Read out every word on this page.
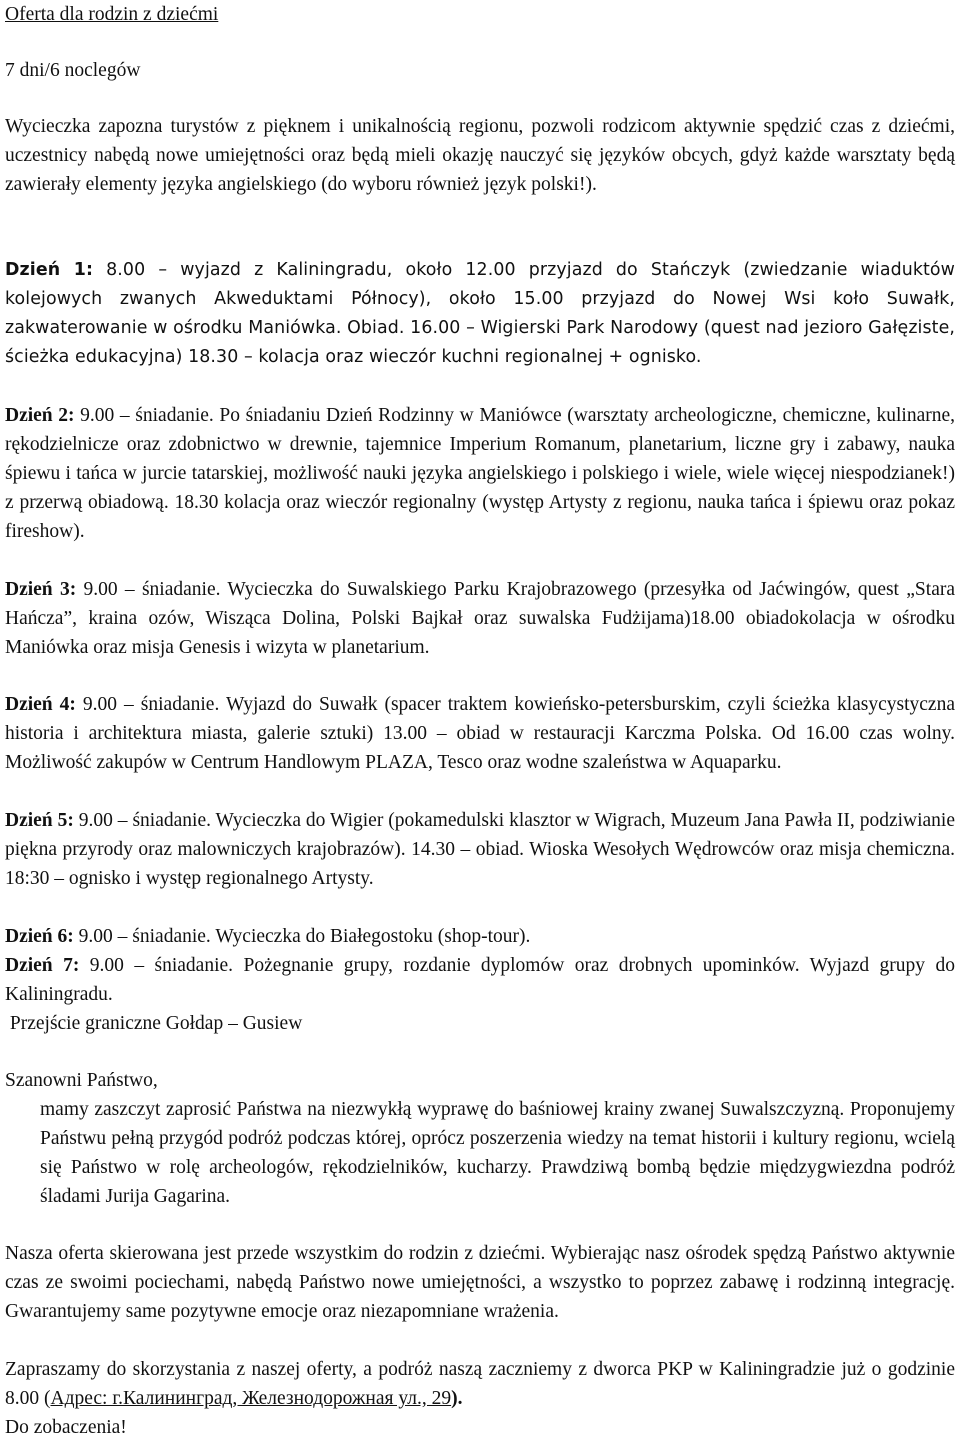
Oferta dla rodzin z dziećmi

7 dni/6 noclegów

Wycieczka zapozna turystów z pięknem i unikalnością regionu, pozwoli rodzicom aktywnie spędzić czas z dziećmi, uczestnicy nabędą nowe umiejętności oraz będą mieli okazję nauczyć się języków obcych, gdyż każde warsztaty będą zawierały elementy języka angielskiego (do wyboru również język polski!).

Dzień 1: 8.00 – wyjazd z Kaliningradu, około 12.00 przyjazd do Stańczyk (zwiedzanie wiaduktów kolejowych zwanych Akweduktami Północy), około 15.00 przyjazd do Nowej Wsi koło Suwałk, zakwaterowanie w ośrodku Maniówka. Obiad. 16.00 – Wigierski Park Narodowy (quest nad jezioro Gałęziste, ścieżka edukacyjna) 18.30 – kolacja oraz wieczór kuchni regionalnej + ognisko.

Dzień 2: 9.00 – śniadanie. Po śniadaniu Dzień Rodzinny w Maniówce (warsztaty archeologiczne, chemiczne, kulinarne, rękodzielnicze oraz zdobnictwo w drewnie, tajemnice Imperium Romanum, planetarium, liczne gry i zabawy, nauka śpiewu i tańca w jurcie tatarskiej, możliwość nauki języka angielskiego i polskiego i wiele, wiele więcej niespodzianek!) z przerwą obiadową. 18.30 kolacja oraz wieczór regionalny (występ Artysty z regionu, nauka tańca i śpiewu oraz pokaz fireshow).

Dzień 3: 9.00 – śniadanie. Wycieczka do Suwalskiego Parku Krajobrazowego (przesyłka od Jaćwingów, quest „Stara Hańcza”, kraina ozów, Wisząca Dolina, Polski Bajkał oraz suwalska Fudżijama)18.00 obiadokolacja w ośrodku Maniówka oraz misja Genesis i wizyta w planetarium.

Dzień 4: 9.00 – śniadanie. Wyjazd do Suwałk (spacer traktem kowieńsko-petersburskim, czyli ścieżka klasycystyczna historia i architektura miasta, galerie sztuki) 13.00 – obiad w restauracji Karczma Polska. Od 16.00 czas wolny. Możliwość zakupów w Centrum Handlowym PLAZA, Tesco oraz wodne szaleństwa w Aquaparku.

Dzień 5: 9.00 – śniadanie. Wycieczka do Wigier (pokamedulski klasztor w Wigrach, Muzeum Jana Pawła II, podziwianie piękna przyrody oraz malowniczych krajobrazów). 14.30 – obiad. Wioska Wesołych Wędrowców oraz misja chemiczna. 18:30 – ognisko i występ regionalnego Artysty.

Dzień 6: 9.00 – śniadanie. Wycieczka do Białegostoku (shop-tour).

Dzień 7: 9.00 – śniadanie. Pożegnanie grupy, rozdanie dyplomów oraz drobnych upominków. Wyjazd grupy do Kaliningradu.

Przejście graniczne Gołdap – Gusiew

Szanowni Państwo,

mamy zaszczyt zaprosić Państwa na niezwykłą wyprawę do baśniowej krainy zwanej Suwalszczyzną. Proponujemy Państwu pełną przygód podróż podczas której, oprócz poszerzenia wiedzy na temat historii i kultury regionu, wcielą się Państwo w rolę archeologów, rękodzielników, kucharzy. Prawdziwą bombą będzie międzygwiezdna podróż śladami Jurija Gagarina.

Nasza oferta skierowana jest przede wszystkim do rodzin z dziećmi. Wybierając nasz ośrodek spędzą Państwo aktywnie czas ze swoimi pociechami, nabędą Państwo nowe umiejętności, a wszystko to poprzez zabawę i rodzinną integrację. Gwarantujemy same pozytywne emocje oraz niezapomniane wrażenia.

Zapraszamy do skorzystania z naszej oferty, a podróż naszą zaczniemy z dworca PKP w Kaliningradzie już o godzinie 8.00 (Адрес: г.Калининград, Железнодорожная ул., 29).

Do zobaczenia!
